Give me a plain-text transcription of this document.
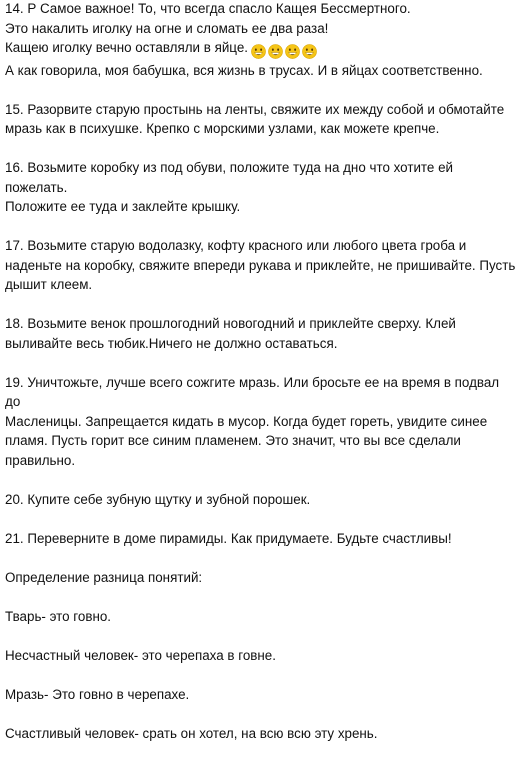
14. Р Самое важное! То, что всегда спасло Кащея Бессмертного.
Это накалить иголку на огне и сломать ее два раза!
Кащею иголку вечно оставляли в яйце.
А как говорила, моя бабушка, вся жизнь в трусах. И в яйцах соответственно.
15. Разорвите старую простынь на ленты, свяжите их между собой и обмотайте
мразь как в психушке. Крепко с морскими узлами, как можете крепче.
16. Возьмите коробку из под обуви, положите туда на дно что хотите ей пожелать.
Положите ее туда и заклейте крышку.
17. Возьмите старую водолазку, кофту красного или любого цвета гроба и
наденьте на коробку, свяжите впереди рукава и приклейте, не пришивайте. Пусть
дышит клеем.
18. Возьмите венок прошлогодний новогодний и приклейте сверху. Клей
выливайте весь тюбик.Ничего не должно оставаться.
19. Уничтожьте, лучше всего сожгите мразь. Или бросьте ее на время в подвал до
Масленицы. Запрещается кидать в мусор. Когда будет гореть, увидите синее
пламя. Пусть горит все синим пламенем. Это значит, что вы все сделали
правильно.
20. Купите себе зубную щутку и зубной порошек.
21. Переверните в доме пирамиды. Как придумаете. Будьте счастливы!
Определение разница понятий:
Тварь- это говно.
Несчастный человек- это черепаха в говне.
Мразь- Это говно в черепахе.
Счастливый человек- срать он хотел, на всю всю эту хрень.
